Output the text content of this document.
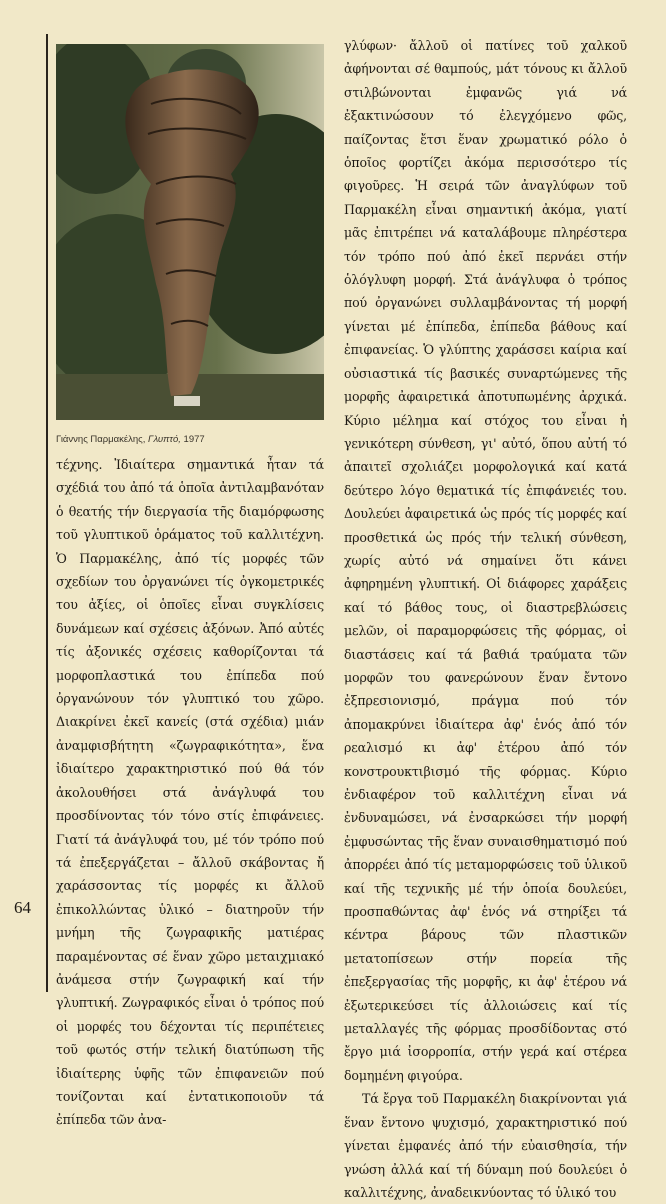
64
Γιάννης Παρμακέλης, Γλυπτό, 1977

τέχνης. Ἰδιαίτερα σημαντικά ἦταν τά σχέδιά του ἀπό τά ὁποῖα ἀντιλαμβανόταν ὁ θεατής τήν διεργασία τῆς διαμόρφωσης τοῦ γλυπτικοῦ ὁράματος τοῦ καλλιτέχνη. Ὁ Παρμακέλης, ἀπό τίς μορφές τῶν σχεδίων του ὀργανώνει τίς ὀγκομετρικές του ἀξίες, οἱ ὁποῖες εἶναι συγκλίσεις δυνάμεων καί σχέσεις ἀξόνων. Ἀπό αὐτές τίς ἀξονικές σχέσεις καθορίζονται τά μορφοπλαστικά του ἐπίπεδα πού ὀργανώνουν τόν γλυπτικό του χῶρο. Διακρίνει ἐκεῖ κανείς (στά σχέδια) μιάν ἀναμφισβήτητη «ζωγραφικότητα», ἕνα ἰδιαίτερο χαρακτηριστικό πού θά τόν ἀκολουθήσει στά ἀνάγλυφά του προσδίνοντας τόν τόνο στίς ἐπιφάνειες. Γιατί τά ἀνάγλυφά του, μέ τόν τρόπο πού τά ἐπεξεργάζεται – ἄλλοῦ σκάβοντας ἤ χαράσσοντας τίς μορφές κι ἄλλοῦ ἐπικολλώντας ὑλικό – διατηροῦν τήν μνήμη τῆς ζωγραφικῆς ματιέρας παραμένοντας σέ ἕναν χῶρο μεταιχμιακό ἀνάμεσα στήν ζωγραφική καί τήν γλυπτική. Ζωγραφικός εἶναι ὁ τρόπος πού οἱ μορφές του δέχονται τίς περιπέτειες τοῦ φωτός στήν τελική διατύπωση τῆς ἰδιαίτερης ὑφῆς τῶν ἐπιφανειῶν πού τονίζονται καί ἐντατικοποιοῦν τά ἐπίπεδα τῶν ἀνα-

γλύφων· ἄλλοῦ οἱ πατίνες τοῦ χαλκοῦ ἀφήνονται σέ θαμπούς, μάτ τόνους κι ἄλλοῦ στιλβώνονται ἐμφανῶς γιά νά ἐξακτινώσουν τό ἐλεγχόμενο φῶς, παίζοντας ἔτσι ἕναν χρωματικό ρόλο ὁ ὁποῖος φορτίζει ἀκόμα περισσότερο τίς φιγοῦρες. Ἡ σειρά τῶν ἀναγλύφων τοῦ Παρμακέλη εἶναι σημαντική ἀκόμα, γιατί μᾶς ἐπιτρέπει νά καταλάβουμε πληρέστερα τόν τρόπο πού ἀπό ἐκεῖ περνάει στήν ὁλόγλυφη μορφή. Στά ἀνάγλυφα ὁ τρόπος πού ὀργανώνει συλλαμβάνοντας τή μορφή γίνεται μέ ἐπίπεδα, ἐπίπεδα βάθους καί ἐπιφανείας. Ὁ γλύπτης χαράσσει καίρια καί οὐσιαστικά τίς βασικές συναρτώμενες τῆς μορφῆς ἀφαιρετικά ἀποτυπωμένης ἀρχικά. Κύριο μέλημα καί στόχος του εἶναι ἡ γενικότερη σύνθεση, γι' αὐτό, ὅπου αὐτή τό ἀπαιτεῖ σχολιάζει μορφολογικά καί κατά δεύτερο λόγο θεματικά τίς ἐπιφάνειές του. Δουλεύει ἀφαιρετικά ὡς πρός τίς μορφές καί προσθετικά ὡς πρός τήν τελική σύνθεση, χωρίς αὐτό νά σημαίνει ὅτι κάνει ἀφηρημένη γλυπτική. Οἱ διάφορες χαράξεις καί τό βάθος τους, οἱ διαστρεβλώσεις μελῶν, οἱ παραμορφώσεις τῆς φόρμας, οἱ διαστάσεις καί τά βαθιά τραύματα τῶν μορφῶν του φανερώνουν ἕναν ἔντονο ἐξπρεσιονισμό, πράγμα πού τόν ἀπομακρύνει ἰδιαίτερα ἀφ' ἑνός ἀπό τόν ρεαλισμό κι ἀφ' ἑτέρου ἀπό τόν κονστρουκτιβισμό τῆς φόρμας. Κύριο ἐνδιαφέρον τοῦ καλλιτέχνη εἶναι νά ἐνδυναμώσει, νά ἐνσαρκώσει τήν μορφή ἐμφυσώντας τῆς ἕναν συναισθηματισμό πού ἀπορρέει ἀπό τίς μεταμορφώσεις τοῦ ὑλικοῦ καί τῆς τεχνικῆς μέ τήν ὁποία δουλεύει, προσπαθώντας ἀφ' ἑνός νά στηρίξει τά κέντρα βάρους τῶν πλαστικῶν μετατοπίσεων στήν πορεία τῆς ἐπεξεργασίας τῆς μορφῆς, κι ἀφ' ἑτέρου νά ἐξωτερικεύσει τίς ἀλλοιώσεις καί τίς μεταλλαγές τῆς φόρμας προσδίδοντας στό ἔργο μιά ἰσορροπία, στήν γερά καί στέρεα δομημένη φιγούρα.

Τά ἔργα τοῦ Παρμακέλη διακρίνονται γιά ἕναν ἔντονο ψυχισμό, χαρακτηριστικό πού γίνεται ἐμφανές ἀπό τήν εὐαισθησία, τήν γνώση ἀλλά καί τή δύναμη πού δουλεύει ὁ καλλιτέχνης, ἀναδεικνύοντας τό ὑλικό του
